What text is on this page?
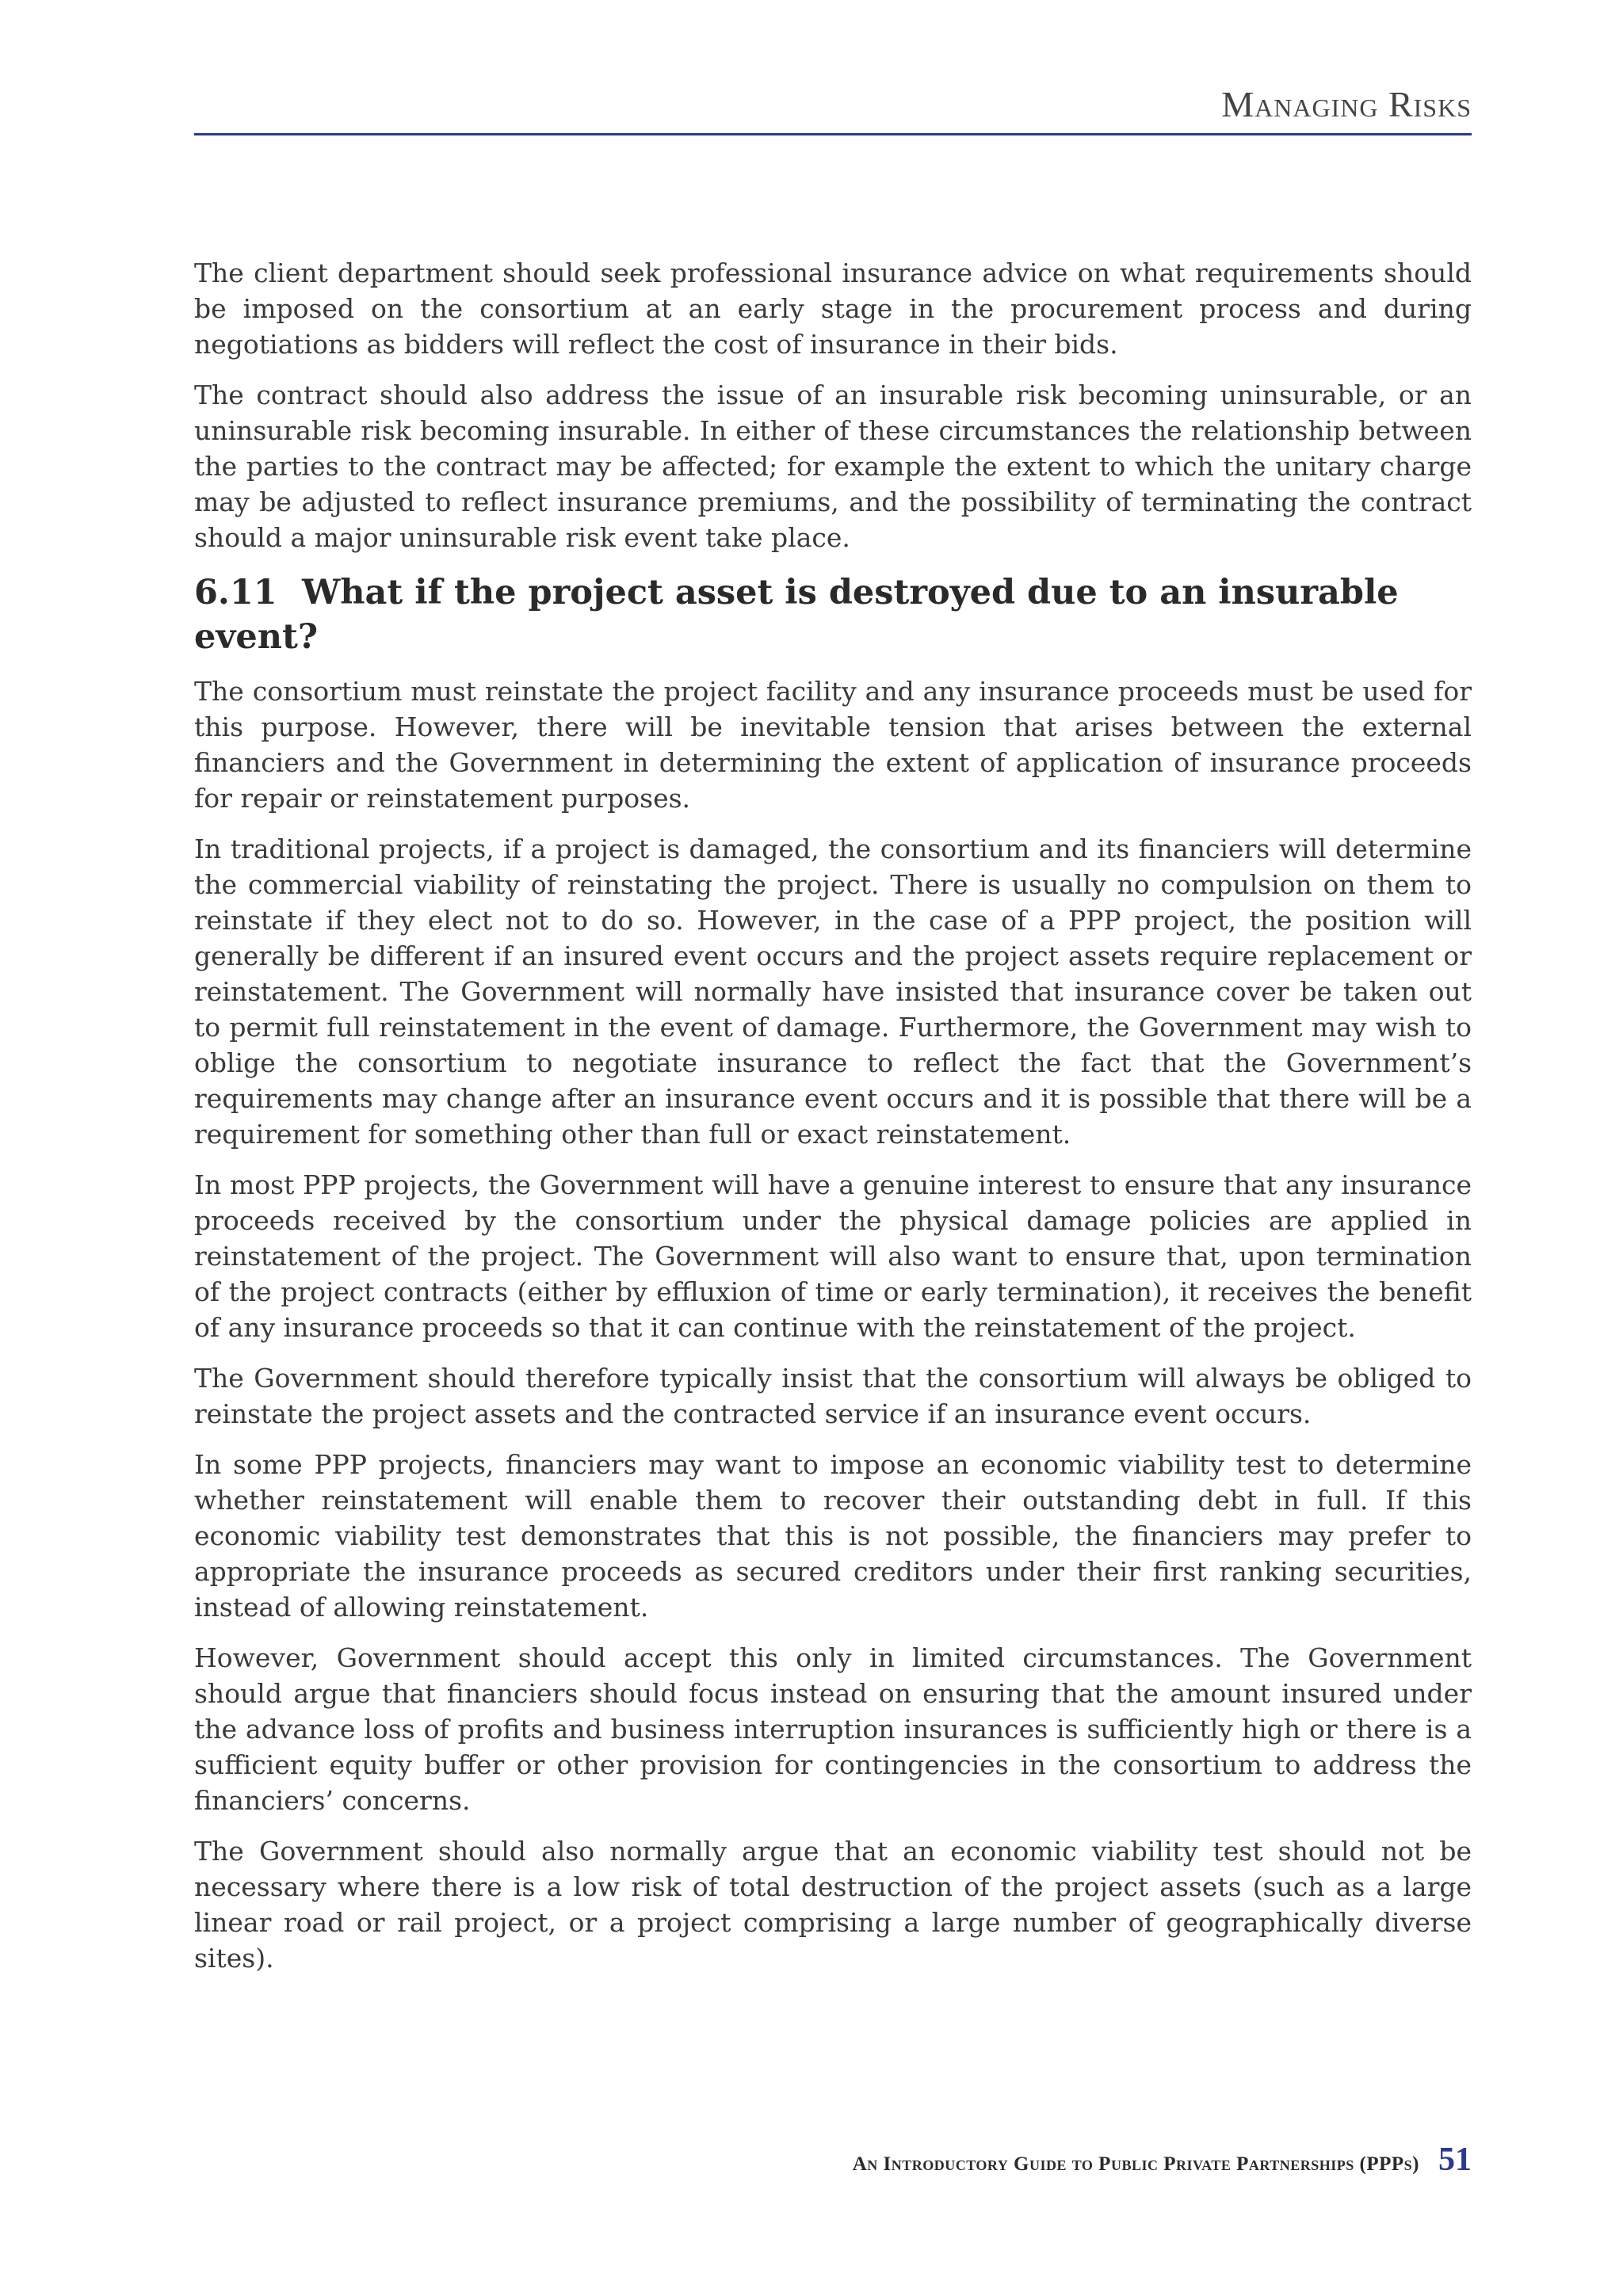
Managing Risks

The client department should seek professional insurance advice on what requirements should be imposed on the consortium at an early stage in the procurement process and during negotiations as bidders will reflect the cost of insurance in their bids.

The contract should also address the issue of an insurable risk becoming uninsurable, or an uninsurable risk becoming insurable. In either of these circumstances the relationship between the parties to the contract may be affected; for example the extent to which the unitary charge may be adjusted to reflect insurance premiums, and the possibility of terminating the contract should a major uninsurable risk event take place.

6.11 What if the project asset is destroyed due to an insurable event?

The consortium must reinstate the project facility and any insurance proceeds must be used for this purpose. However, there will be inevitable tension that arises between the external financiers and the Government in determining the extent of application of insurance proceeds for repair or reinstatement purposes.

In traditional projects, if a project is damaged, the consortium and its financiers will determine the commercial viability of reinstating the project. There is usually no compulsion on them to reinstate if they elect not to do so. However, in the case of a PPP project, the position will generally be different if an insured event occurs and the project assets require replacement or reinstatement. The Government will normally have insisted that insurance cover be taken out to permit full reinstatement in the event of damage. Furthermore, the Government may wish to oblige the consortium to negotiate insurance to reflect the fact that the Government’s requirements may change after an insurance event occurs and it is possible that there will be a requirement for something other than full or exact reinstatement.

In most PPP projects, the Government will have a genuine interest to ensure that any insurance proceeds received by the consortium under the physical damage policies are applied in reinstatement of the project. The Government will also want to ensure that, upon termination of the project contracts (either by effluxion of time or early termination), it receives the benefit of any insurance proceeds so that it can continue with the reinstatement of the project.

The Government should therefore typically insist that the consortium will always be obliged to reinstate the project assets and the contracted service if an insurance event occurs.

In some PPP projects, financiers may want to impose an economic viability test to determine whether reinstatement will enable them to recover their outstanding debt in full. If this economic viability test demonstrates that this is not possible, the financiers may prefer to appropriate the insurance proceeds as secured creditors under their first ranking securities, instead of allowing reinstatement.

However, Government should accept this only in limited circumstances. The Government should argue that financiers should focus instead on ensuring that the amount insured under the advance loss of profits and business interruption insurances is sufficiently high or there is a sufficient equity buffer or other provision for contingencies in the consortium to address the financiers’ concerns.

The Government should also normally argue that an economic viability test should not be necessary where there is a low risk of total destruction of the project assets (such as a large linear road or rail project, or a project comprising a large number of geographically diverse sites).

An Introductory Guide to Public Private Partnerships (PPPs) 51
